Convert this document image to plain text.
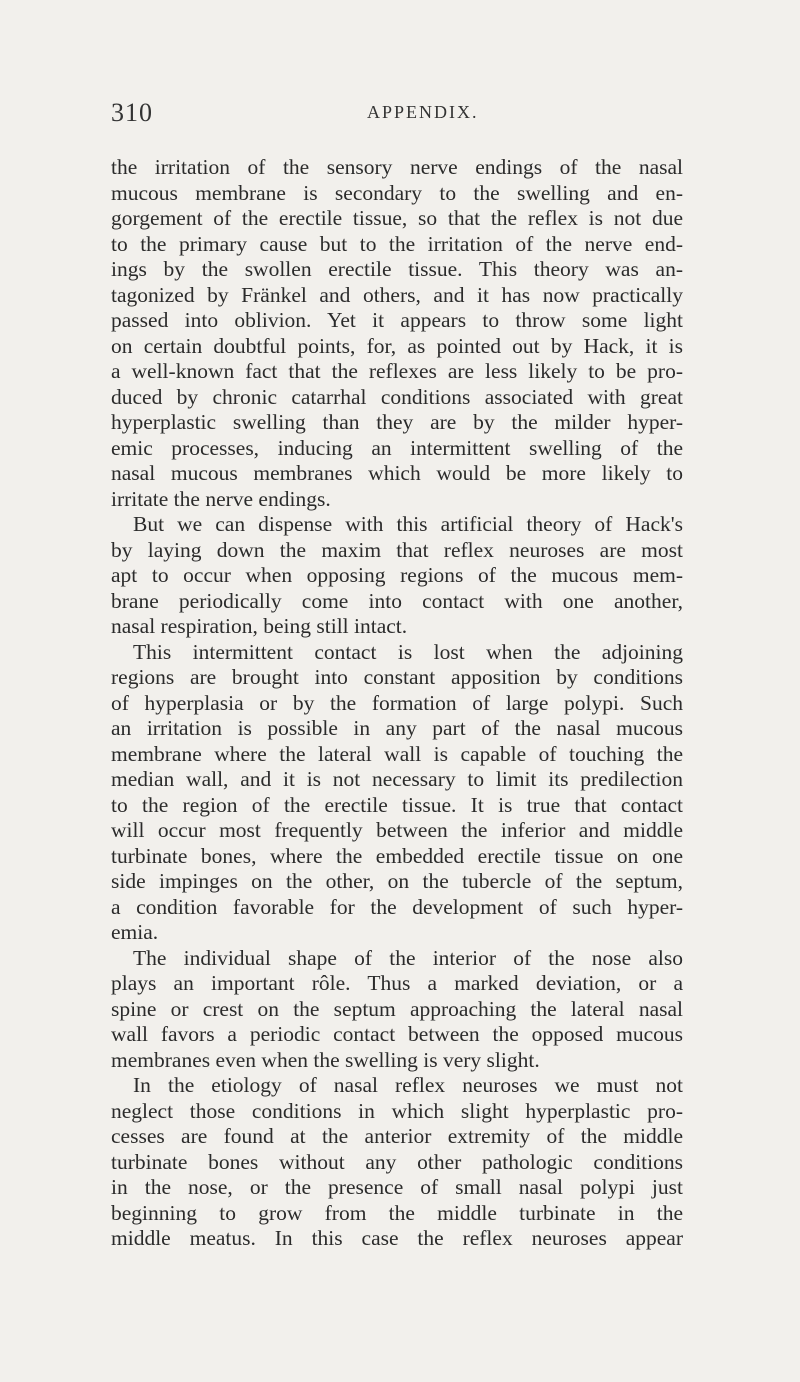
310	APPENDIX.
the irritation of the sensory nerve endings of the nasal
mucous membrane is secondary to the swelling and en-
gorgement of the erectile tissue, so that the reflex is not due
to the primary cause but to the irritation of the nerve end-
ings by the swollen erectile tissue. This theory was an-
tagonized by Fränkel and others, and it has now practically
passed into oblivion. Yet it appears to throw some light
on certain doubtful points, for, as pointed out by Hack, it is
a well-known fact that the reflexes are less likely to be pro-
duced by chronic catarrhal conditions associated with great
hyperplastic swelling than they are by the milder hyper-
emic processes, inducing an intermittent swelling of the
nasal mucous membranes which would be more likely to
irritate the nerve endings.
But we can dispense with this artificial theory of Hack's
by laying down the maxim that reflex neuroses are most
apt to occur when opposing regions of the mucous mem-
brane periodically come into contact with one another,
nasal respiration, being still intact.
This intermittent contact is lost when the adjoining
regions are brought into constant apposition by conditions
of hyperplasia or by the formation of large polypi. Such
an irritation is possible in any part of the nasal mucous
membrane where the lateral wall is capable of touching the
median wall, and it is not necessary to limit its predilection
to the region of the erectile tissue. It is true that contact
will occur most frequently between the inferior and middle
turbinate bones, where the embedded erectile tissue on one
side impinges on the other, on the tubercle of the septum,
a condition favorable for the development of such hyper-
emia.
The individual shape of the interior of the nose also
plays an important rôle. Thus a marked deviation, or a
spine or crest on the septum approaching the lateral nasal
wall favors a periodic contact between the opposed mucous
membranes even when the swelling is very slight.
In the etiology of nasal reflex neuroses we must not
neglect those conditions in which slight hyperplastic pro-
cesses are found at the anterior extremity of the middle
turbinate bones without any other pathologic conditions
in the nose, or the presence of small nasal polypi just
beginning to grow from the middle turbinate in the
middle meatus. In this case the reflex neuroses appear
